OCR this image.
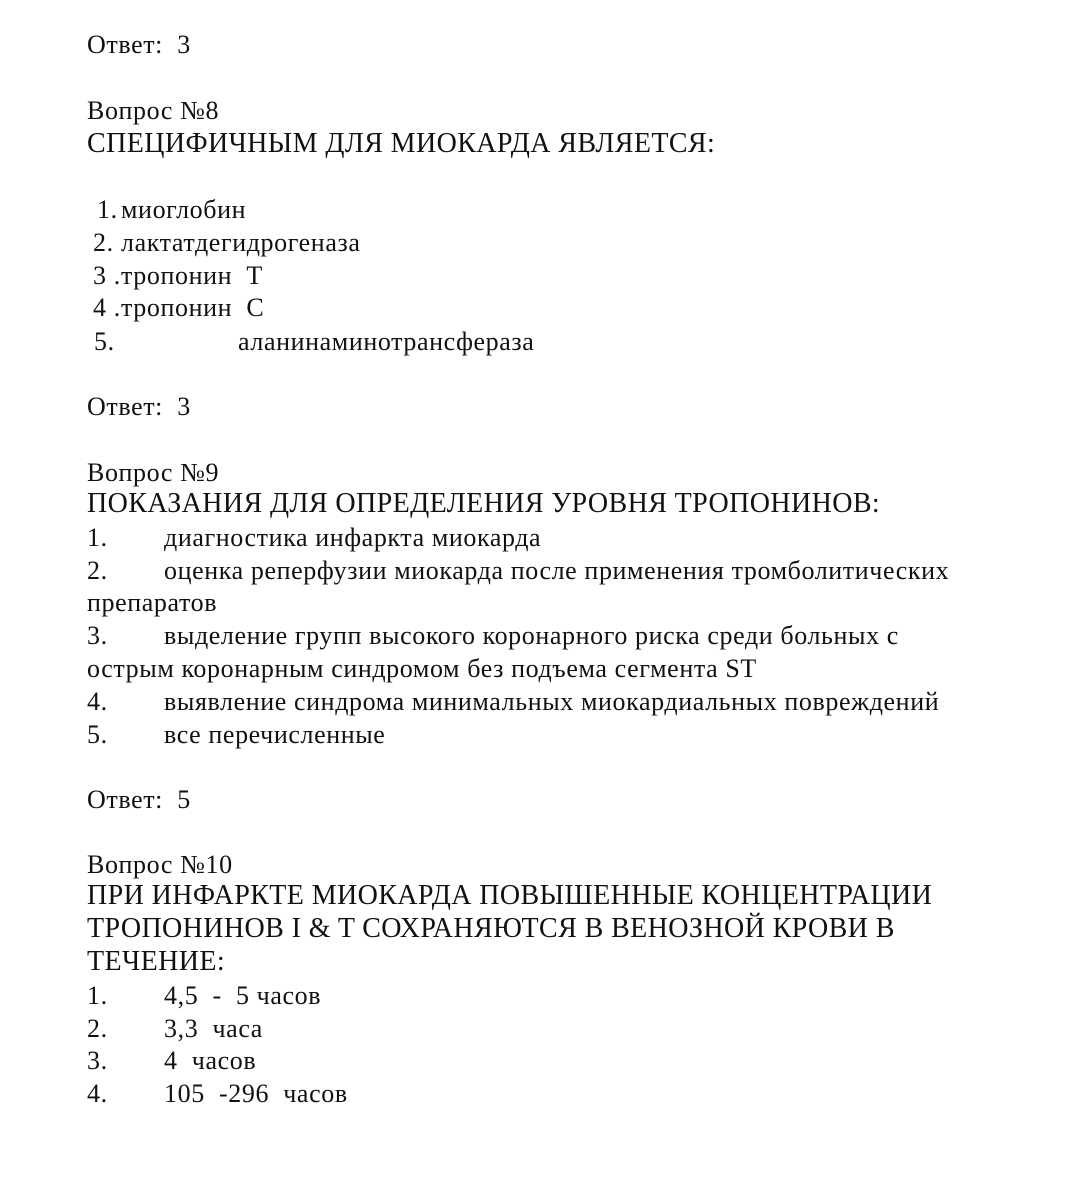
Ответ:  3
Вопрос №8
СПЕЦИФИЧНЫМ ДЛЯ МИОКАРДА ЯВЛЯЕТСЯ:
1. миоглобин
2. лактатдегидрогеназа
3 . тропонин  Т
4 . тропонин  С
5.	аланинаминотрансфераза
Ответ:  3
Вопрос №9
ПОКАЗАНИЯ ДЛЯ ОПРЕДЕЛЕНИЯ УРОВНЯ ТРОПОНИНОВ:
1. диагностика инфаркта миокарда
2. оценка реперфузии миокарда после применения тромболитических
препаратов
3. выделение групп высокого коронарного риска среди больных с
острым коронарным синдромом без подъема сегмента ST
4. выявление синдрома минимальных миокардиальных повреждений
5. все перечисленные
Ответ:  5
Вопрос №10
ПРИ ИНФАРКТЕ МИОКАРДА ПОВЫШЕННЫЕ КОНЦЕНТРАЦИИ
ТРОПОНИНОВ I & T СОХРАНЯЮТСЯ В ВЕНОЗНОЙ КРОВИ В
ТЕЧЕНИЕ:
1. 4,5  -  5 часов
2. 3,3  часа
3. 4  часов
4. 105  -296  часов
